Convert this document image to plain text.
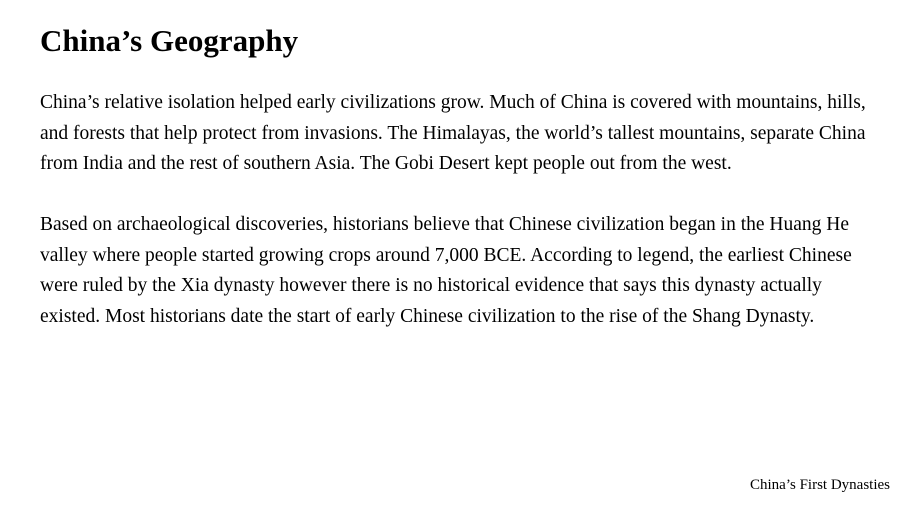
China’s Geography

China’s relative isolation helped early civilizations grow. Much of China is covered with mountains, hills, and forests that help protect from invasions. The Himalayas, the world’s tallest mountains, separate China from India and the rest of southern Asia. The Gobi Desert kept people out from the west.

Based on archaeological discoveries, historians believe that Chinese civilization began in the Huang He valley where people started growing crops around 7,000 BCE. According to legend, the earliest Chinese were ruled by the Xia dynasty however there is no historical evidence that says this dynasty actually existed. Most historians date the start of early Chinese civilization to the rise of the Shang Dynasty.

China’s First Dynasties
